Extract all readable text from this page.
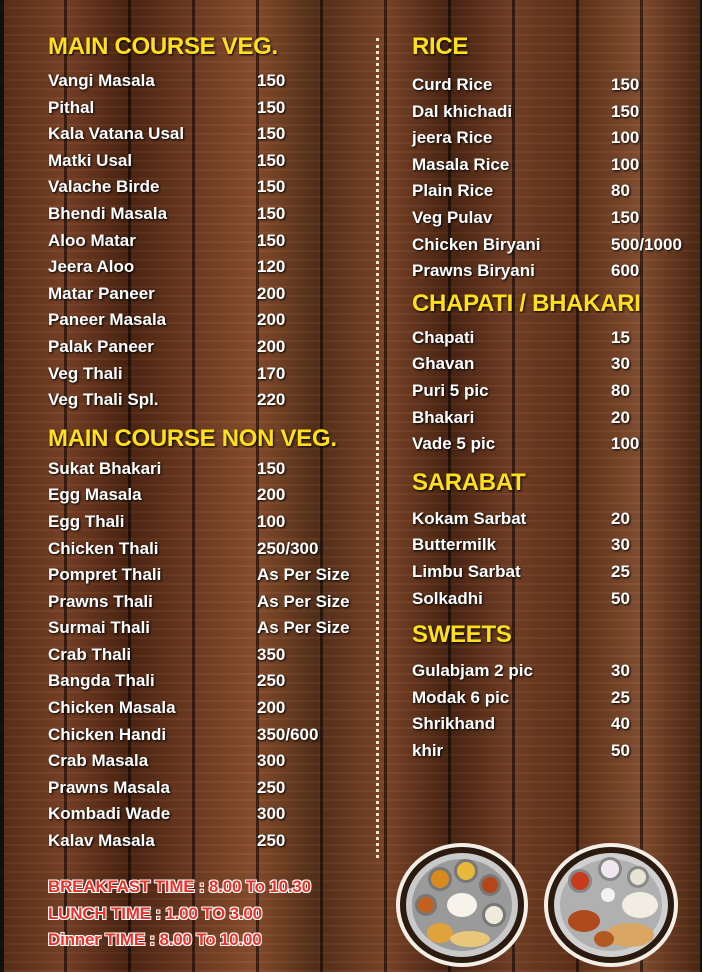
MAIN COURSE VEG.
Vangi Masala	150
Pithal	150
Kala Vatana Usal	150
Matki Usal	150
Valache Birde	150
Bhendi Masala	150
Aloo Matar	150
Jeera Aloo	120
Matar Paneer	200
Paneer Masala	200
Palak Paneer	200
Veg Thali	170
Veg Thali Spl.	220
MAIN COURSE NON VEG.
Sukat Bhakari	150
Egg Masala	200
Egg Thali	100
Chicken Thali	250/300
Pompret Thali	As Per Size
Prawns Thali	As Per Size
Surmai Thali	As Per Size
Crab Thali	350
Bangda Thali	250
Chicken Masala	200
Chicken Handi	350/600
Crab Masala	300
Prawns Masala	250
Kombadi Wade	300
Kalav Masala	250
RICE
Curd Rice	150
Dal khichadi	150
jeera Rice	100
Masala Rice	100
Plain Rice	80
Veg Pulav	150
Chicken Biryani	500/1000
Prawns Biryani	600
CHAPATI / BHAKARI
Chapati	15
Ghavan	30
Puri 5 pic	80
Bhakari	20
Vade 5 pic	100
SARABAT
Kokam Sarbat	20
Buttermilk	30
Limbu Sarbat	25
Solkadhi	50
SWEETS
Gulabjam 2 pic	30
Modak 6 pic	25
Shrikhand	40
khir	50
BREAKFAST TIME : 8.00 To 10.30
LUNCH TIME : 1.00 TO 3.00
Dinner TIME : 8.00 To 10.00
